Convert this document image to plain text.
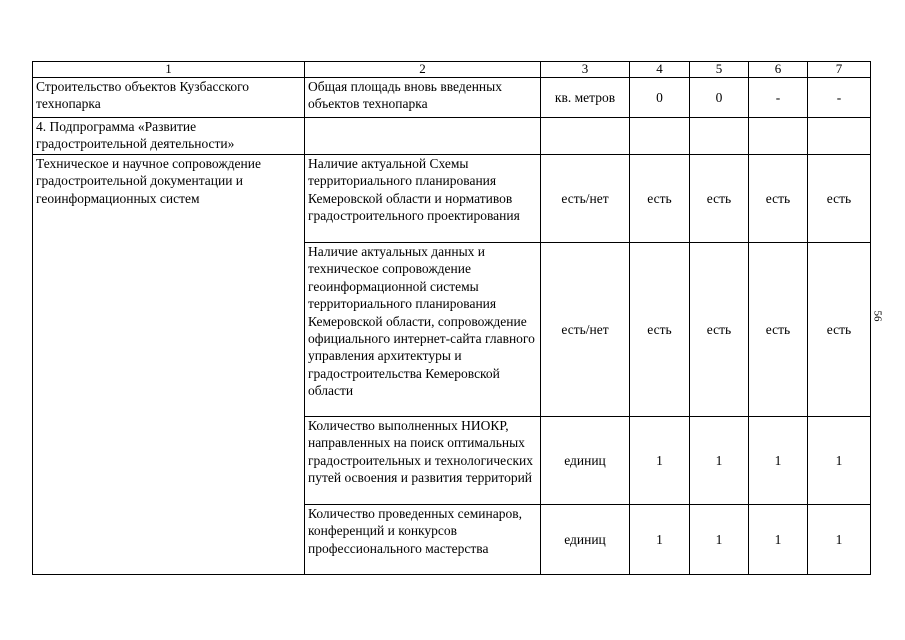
1	2	3	4	5	6	7
Строительство объектов Кузбасского технопарка	Общая площадь вновь введенных объектов технопарка	кв. метров	0	0	-	-
4. Подпрограмма «Развитие градостроительной деятельности»						
Техническое и научное сопровождение градостроительной документации и геоинформационных систем	Наличие актуальной Схемы территориального планирования Кемеровской области и нормативов градостроительного проектирования	есть/нет	есть	есть	есть	есть
	Наличие актуальных данных и техническое сопровождение геоинформационной системы территориального планирования Кемеровской области, сопровождение официального интернет-сайта главного управления архитектуры и градостроительства Кемеровской области	есть/нет	есть	есть	есть	есть
	Количество выполненных НИОКР, направленных на поиск оптимальных градостроительных и технологических путей освоения и развития территорий	единиц	1	1	1	1
	Количество проведенных семинаров, конференций и конкурсов профессионального мастерства	единиц	1	1	1	1
56
